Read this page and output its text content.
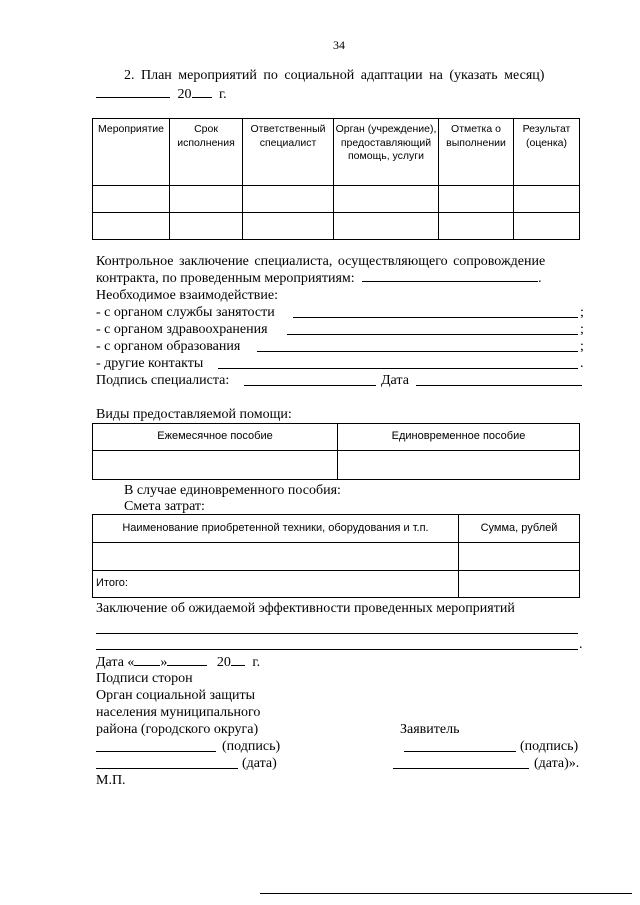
34
2. План мероприятий по социальной адаптации на (указать месяц)
20 г.
Мероприятие	Срок исполнения	Ответственный специалист	Орган (учреждение), предоставляющий помощь, услуги	Отметка о выполнении	Результат (оценка)

Контрольное заключение специалиста, осуществляющего сопровождение
контракта, по проведенным мероприятиям:	.
Необходимое взаимодействие:
- с органом службы занятости	;
- с органом здравоохранения	;
- с органом образования	;
- другие контакты	.
Подпись специалиста:	Дата
Виды предоставляемой помощи:
Ежемесячное пособие	Единовременное пособие

В случае единовременного пособия:
Смета затрат:
Наименование приобретенной техники, оборудования и т.п.	Сумма, рублей

Итого:	
Заключение об ожидаемой эффективности проведенных мероприятий
.
Дата « »	20 г.
Подписи сторон
Орган социальной защиты
населения муниципального
района (городского округа)	Заявитель
(подпись)	(подпись)
(дата)	(дата)».
М.П.
